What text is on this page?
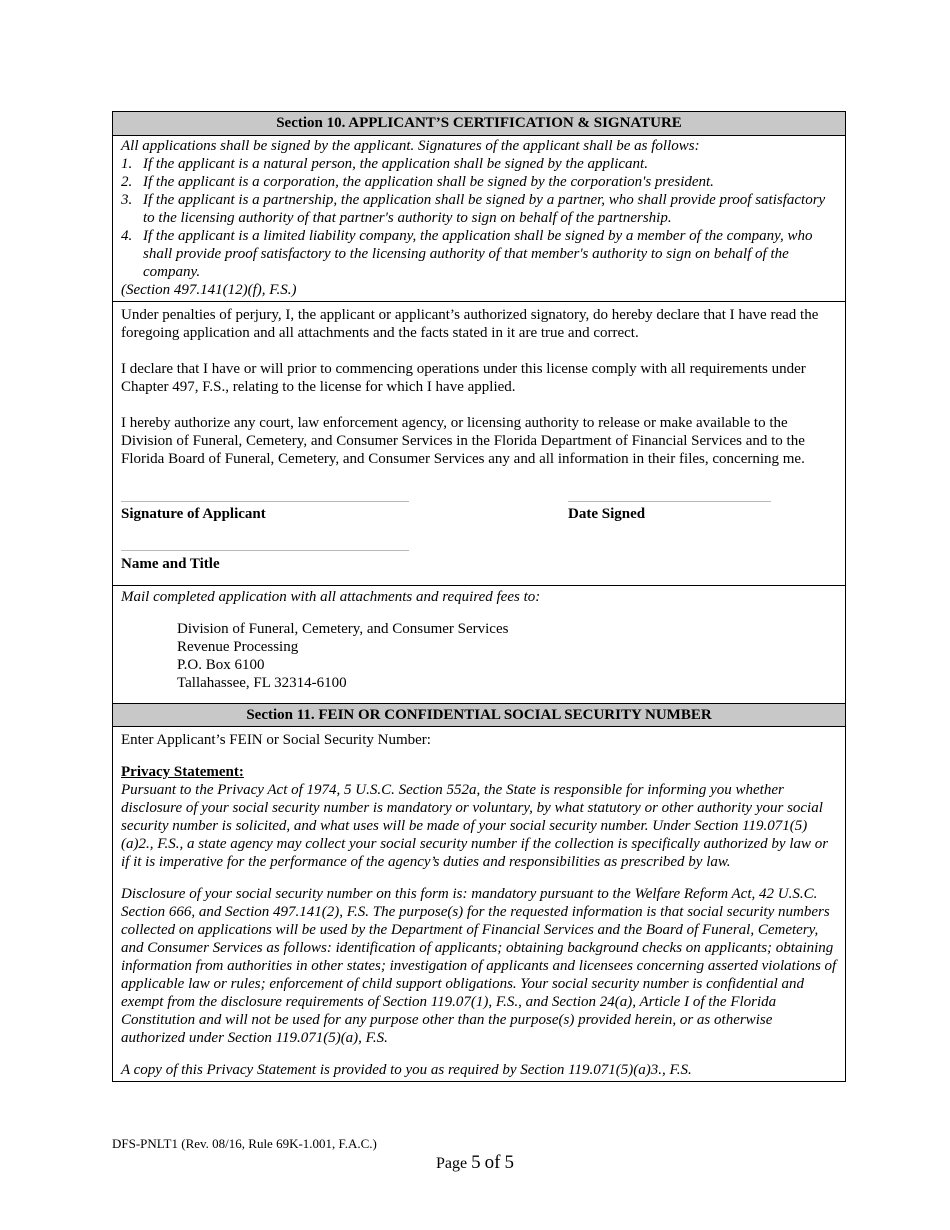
Section 10. APPLICANT’S CERTIFICATION & SIGNATURE
All applications shall be signed by the applicant. Signatures of the applicant shall be as follows:
1. If the applicant is a natural person, the application shall be signed by the applicant.
2. If the applicant is a corporation, the application shall be signed by the corporation's president.
3. If the applicant is a partnership, the application shall be signed by a partner, who shall provide proof satisfactory to the licensing authority of that partner's authority to sign on behalf of the partnership.
4. If the applicant is a limited liability company, the application shall be signed by a member of the company, who shall provide proof satisfactory to the licensing authority of that member's authority to sign on behalf of the company.
(Section 497.141(12)(f), F.S.)

Under penalties of perjury, I, the applicant or applicant’s authorized signatory, do hereby declare that I have read the foregoing application and all attachments and the facts stated in it are true and correct.

I declare that I have or will prior to commencing operations under this license comply with all requirements under Chapter 497, F.S., relating to the license for which I have applied.

I hereby authorize any court, law enforcement agency, or licensing authority to release or make available to the Division of Funeral, Cemetery, and Consumer Services in the Florida Department of Financial Services and to the Florida Board of Funeral, Cemetery, and Consumer Services any and all information in their files, concerning me.

Signature of Applicant	Date Signed
Name and Title

Mail completed application with all attachments and required fees to:

Division of Funeral, Cemetery, and Consumer Services
Revenue Processing
P.O. Box 6100
Tallahassee, FL 32314-6100
Section 11. FEIN OR CONFIDENTIAL SOCIAL SECURITY NUMBER

Enter Applicant’s FEIN or Social Security Number:

Privacy Statement:

Pursuant to the Privacy Act of 1974, 5 U.S.C. Section 552a, the State is responsible for informing you whether disclosure of your social security number is mandatory or voluntary, by what statutory or other authority your social security number is solicited, and what uses will be made of your social security number. Under Section 119.071(5)(a)2., F.S., a state agency may collect your social security number if the collection is specifically authorized by law or if it is imperative for the performance of the agency’s duties and responsibilities as prescribed by law.

Disclosure of your social security number on this form is: mandatory pursuant to the Welfare Reform Act, 42 U.S.C. Section 666, and Section 497.141(2), F.S. The purpose(s) for the requested information is that social security numbers collected on applications will be used by the Department of Financial Services and the Board of Funeral, Cemetery, and Consumer Services as follows: identification of applicants; obtaining background checks on applicants; obtaining information from authorities in other states; investigation of applicants and licensees concerning asserted violations of applicable law or rules; enforcement of child support obligations. Your social security number is confidential and exempt from the disclosure requirements of Section 119.07(1), F.S., and Section 24(a), Article I of the Florida Constitution and will not be used for any purpose other than the purpose(s) provided herein, or as otherwise authorized under Section 119.071(5)(a), F.S.

A copy of this Privacy Statement is provided to you as required by Section 119.071(5)(a)3., F.S.

DFS-PNLT1 (Rev. 08/16, Rule 69K-1.001, F.A.C.)
Page 5 of 5
